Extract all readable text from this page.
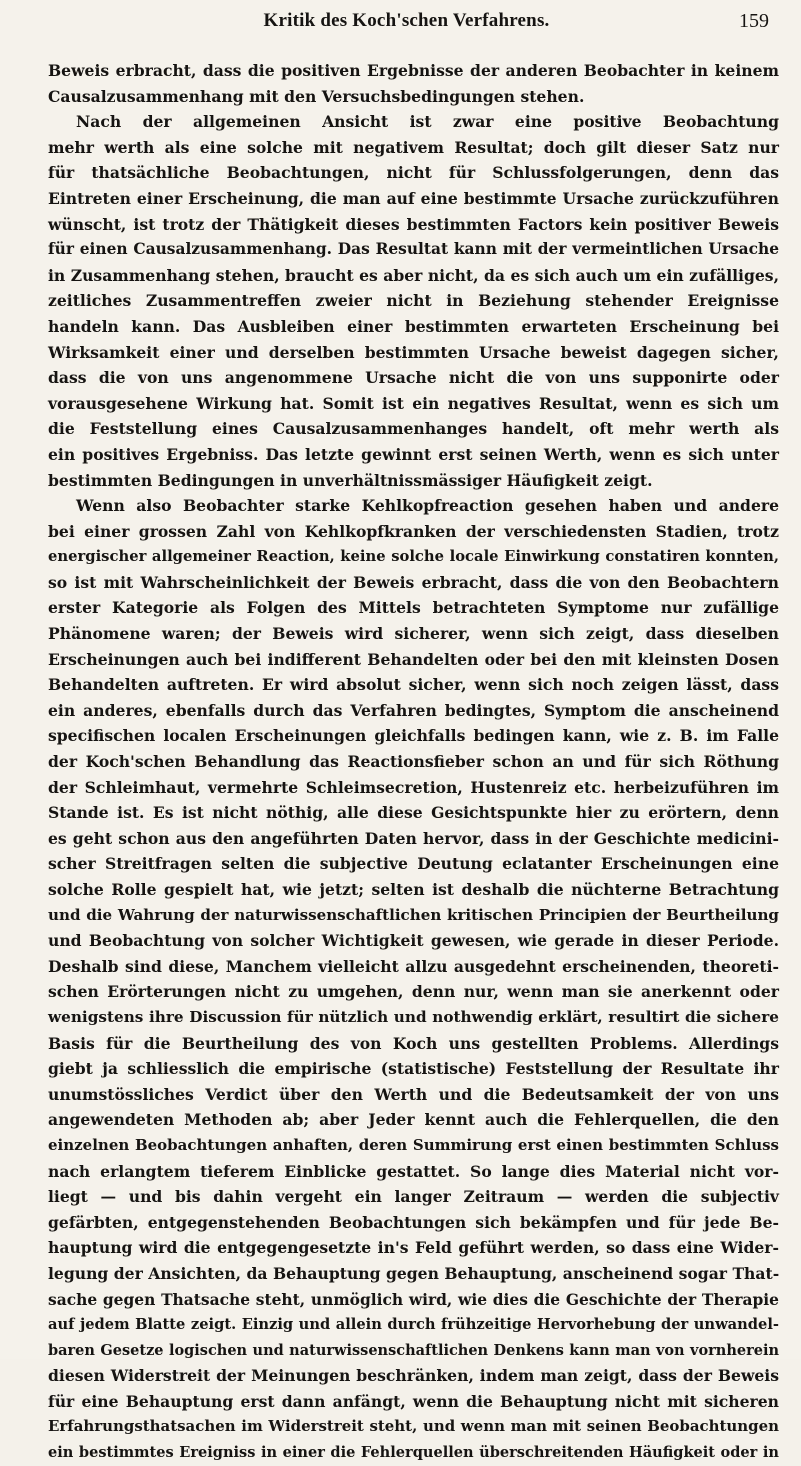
Kritik des Koch'schen Verfahrens.	159
Beweis erbracht, dass die positiven Ergebnisse der anderen Beobachter in keinem
Causalzusammenhang mit den Versuchsbedingungen stehen.
Nach der allgemeinen Ansicht ist zwar eine positive Beobachtung
mehr werth als eine solche mit negativem Resultat; doch gilt dieser Satz nur
für thatsächliche Beobachtungen, nicht für Schlussfolgerungen, denn das
Eintreten einer Erscheinung, die man auf eine bestimmte Ursache zurückzuführen
wünscht, ist trotz der Thätigkeit dieses bestimmten Factors kein positiver Beweis
für einen Causalzusammenhang. Das Resultat kann mit der vermeintlichen Ursache
in Zusammenhang stehen, braucht es aber nicht, da es sich auch um ein zufälliges,
zeitliches Zusammentreffen zweier nicht in Beziehung stehender Ereignisse
handeln kann. Das Ausbleiben einer bestimmten erwarteten Erscheinung bei
Wirksamkeit einer und derselben bestimmten Ursache beweist dagegen sicher,
dass die von uns angenommene Ursache nicht die von uns supponirte oder
vorausgesehene Wirkung hat. Somit ist ein negatives Resultat, wenn es sich um
die Feststellung eines Causalzusammenhanges handelt, oft mehr werth als
ein positives Ergebniss. Das letzte gewinnt erst seinen Werth, wenn es sich unter
bestimmten Bedingungen in unverhältnissmässiger Häufigkeit zeigt.
Wenn also Beobachter starke Kehlkopfreaction gesehen haben und andere
bei einer grossen Zahl von Kehlkopfkranken der verschiedensten Stadien, trotz
energischer allgemeiner Reaction, keine solche locale Einwirkung constatiren konnten,
so ist mit Wahrscheinlichkeit der Beweis erbracht, dass die von den Beobachtern
erster Kategorie als Folgen des Mittels betrachteten Symptome nur zufällige
Phänomene waren; der Beweis wird sicherer, wenn sich zeigt, dass dieselben
Erscheinungen auch bei indifferent Behandelten oder bei den mit kleinsten Dosen
Behandelten auftreten. Er wird absolut sicher, wenn sich noch zeigen lässt, dass
ein anderes, ebenfalls durch das Verfahren bedingtes, Symptom die anscheinend
specifischen localen Erscheinungen gleichfalls bedingen kann, wie z. B. im Falle
der Koch'schen Behandlung das Reactionsfieber schon an und für sich Röthung
der Schleimhaut, vermehrte Schleimsecretion, Hustenreiz etc. herbeizuführen im
Stande ist. Es ist nicht nöthig, alle diese Gesichtspunkte hier zu erörtern, denn
es geht schon aus den angeführten Daten hervor, dass in der Geschichte medicini-
scher Streitfragen selten die subjective Deutung eclatanter Erscheinungen eine
solche Rolle gespielt hat, wie jetzt; selten ist deshalb die nüchterne Betrachtung
und die Wahrung der naturwissenschaftlichen kritischen Principien der Beurtheilung
und Beobachtung von solcher Wichtigkeit gewesen, wie gerade in dieser Periode.
Deshalb sind diese, Manchem vielleicht allzu ausgedehnt erscheinenden, theoreti-
schen Erörterungen nicht zu umgehen, denn nur, wenn man sie anerkennt oder
wenigstens ihre Discussion für nützlich und nothwendig erklärt, resultirt die sichere
Basis für die Beurtheilung des von Koch uns gestellten Problems. Allerdings
giebt ja schliesslich die empirische (statistische) Feststellung der Resultate ihr
unumstössliches Verdict über den Werth und die Bedeutsamkeit der von uns
angewendeten Methoden ab; aber Jeder kennt auch die Fehlerquellen, die den
einzelnen Beobachtungen anhaften, deren Summirung erst einen bestimmten Schluss
nach erlangtem tieferem Einblicke gestattet. So lange dies Material nicht vor-
liegt — und bis dahin vergeht ein langer Zeitraum — werden die subjectiv
gefärbten, entgegenstehenden Beobachtungen sich bekämpfen und für jede Be-
hauptung wird die entgegengesetzte in's Feld geführt werden, so dass eine Wider-
legung der Ansichten, da Behauptung gegen Behauptung, anscheinend sogar That-
sache gegen Thatsache steht, unmöglich wird, wie dies die Geschichte der Therapie
auf jedem Blatte zeigt. Einzig und allein durch frühzeitige Hervorhebung der unwandel-
baren Gesetze logischen und naturwissenschaftlichen Denkens kann man von vornherein
diesen Widerstreit der Meinungen beschränken, indem man zeigt, dass der Beweis
für eine Behauptung erst dann anfängt, wenn die Behauptung nicht mit sicheren
Erfahrungsthatsachen im Widerstreit steht, und wenn man mit seinen Beobachtungen
ein bestimmtes Ereigniss in einer die Fehlerquellen überschreitenden Häufigkeit oder in
